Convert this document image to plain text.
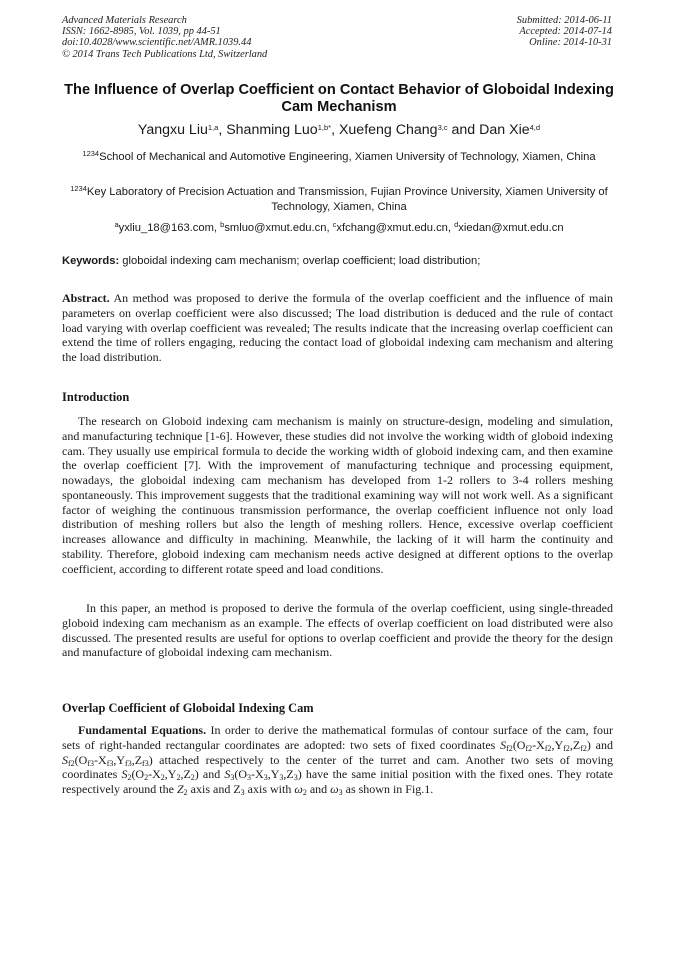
Advanced Materials Research
ISSN: 1662-8985, Vol. 1039, pp 44-51
doi:10.4028/www.scientific.net/AMR.1039.44
© 2014 Trans Tech Publications Ltd, Switzerland
Submitted: 2014-06-11
Accepted: 2014-07-14
Online: 2014-10-31
The Influence of Overlap Coefficient on Contact Behavior of Globoidal Indexing Cam Mechanism
Yangxu Liu$^{1,a}$, Shanming Luo$^{1,b*}$, Xuefeng Chang$^{3,c}$ and Dan Xie$^{4,d}$
$^{1234}$School of Mechanical and Automotive Engineering, Xiamen University of Technology, Xiamen, China
$^{1234}$Key Laboratory of Precision Actuation and Transmission, Fujian Province University, Xiamen University of Technology, Xiamen, China
$^a$yxliu_18@163.com, $^b$smluo@xmut.edu.cn, $^c$xfchang@xmut.edu.cn, $^d$xiedan@xmut.edu.cn
Keywords: globoidal indexing cam mechanism; overlap coefficient; load distribution;
Abstract. An method was proposed to derive the formula of the overlap coefficient and the influence of main parameters on overlap coefficient were also discussed; The load distribution is deduced and the rule of contact load varying with overlap coefficient was revealed; The results indicate that the increasing overlap coefficient can extend the time of rollers engaging, reducing the contact load of globoidal indexing cam mechanism and altering the load distribution.
Introduction
The research on Globoid indexing cam mechanism is mainly on structure-design, modeling and simulation, and manufacturing technique [1-6]. However, these studies did not involve the working width of globoid indexing cam. They usually use empirical formula to decide the working width of globoid indexing cam, and then examine the overlap coefficient [7]. With the improvement of manufacturing technique and processing equipment, nowadays, the globoidal indexing cam mechanism has developed from 1-2 rollers to 3-4 rollers meshing spontaneously. This improvement suggests that the traditional examining way will not work well. As a significant factor of weighing the continuous transmission performance, the overlap coefficient influence not only load distribution of meshing rollers but also the length of meshing rollers. Hence, excessive overlap coefficient increases allowance and difficulty in machining. Meanwhile, the lacking of it will harm the continuity and stability. Therefore, globoid indexing cam mechanism needs active designed at different options to the overlap coefficient, according to different rotate speed and load conditions.
In this paper, an method is proposed to derive the formula of the overlap coefficient, using single-threaded globoid indexing cam mechanism as an example. The effects of overlap coefficient on load distributed were also discussed. The presented results are useful for options to overlap coefficient and provide the theory for the design and manufacture of globoidal indexing cam mechanism.
Overlap Coefficient of Globoidal Indexing Cam
Fundamental Equations. In order to derive the mathematical formulas of contour surface of the cam, four sets of right-handed rectangular coordinates are adopted: two sets of fixed coordinates $S_{f2}(O_{f2}-X_{f2},Y_{f2},Z_{f2})$ and $S_{f2}(O_{f3}-X_{f3},Y_{f3},Z_{f3})$ attached respectively to the center of the turret and cam. Another two sets of moving coordinates $S_2(O_2-X_2,Y_2,Z_2)$ and $S_3(O_3-X_3,Y_3,Z_3)$ have the same initial position with the fixed ones. They rotate respectively around the $Z_2$ axis and $Z_3$ axis with $\omega_2$ and $\omega_3$ as shown in Fig.1.
